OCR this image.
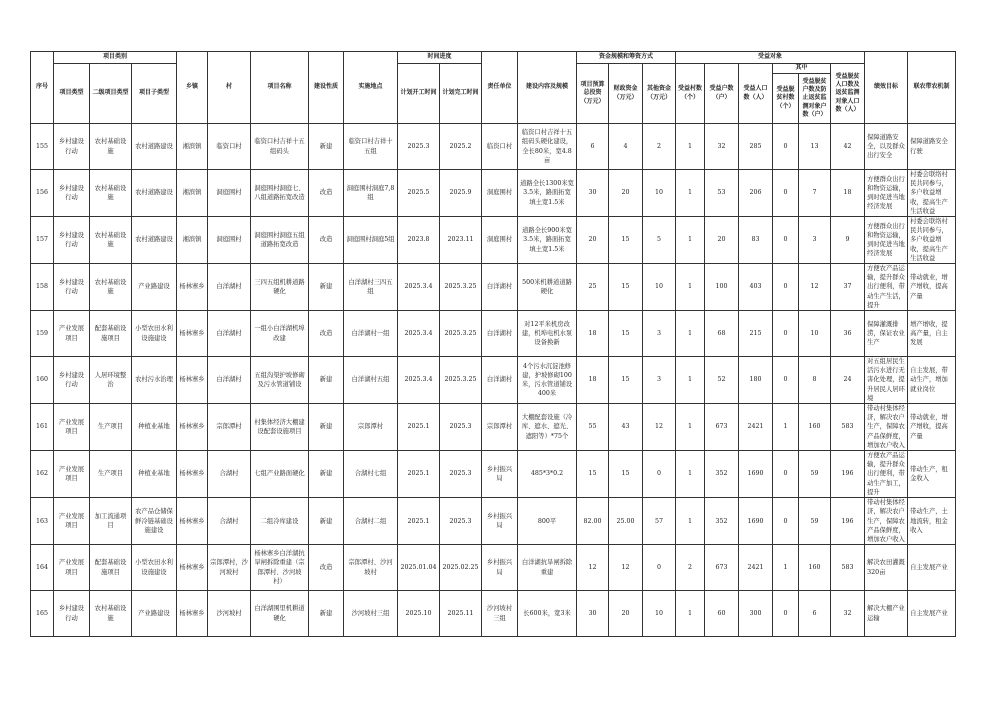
序号	项目类别			乡镇	村	项目名称	建设性质	实施地点	时间进度		责任单位	建设内容及规模	资金规模和筹资方式			受益对象						绩效目标	联农带农机制
	项目类型	二级项目类型	项目子类型						计划开工时间	计划完工时间			项目预算总投资（万元）	财政资金（万元）	其他资金（万元）	受益村数（个）	受益户数（户）	受益人口数（人）	其中		受益脱贫人口数及返贫监测对象人口数（人）		
																			受益脱贫村数（个）	受益脱贫户数及防止返贫监测对象户数（户）			
155	乡村建设行动	农村基础设施	农村道路建设	湘滨镇	临资口村	临资口村吉祥十五组码头	新建	临资口村吉祥十五组	2025.3	2025.2	临资口村	临资口村吉祥十五组码头硬化建设，全长80米，宽4.8亩	6	4	2	1	32	285	0	13	42	保障道路安全，以及群众出行安全	保障道路安全行驶
156	乡村建设行动	农村基础设施	农村道路建设	湘滨镇	洞庭围村	洞庭围村洞庭七、八组道路拓宽改造	改造	洞庭围村洞庭7,8组	2025.5	2025.9	洞庭围村	道路全长1300米宽3.5米，路面拓宽填土宽1.5米	30	20	10	1	53	206	0	7	18	方便群众出行和物资运输，到时促进当地经济发展	村委会联络村民共同参与，多户收益增收，提高生产生活收益
157	乡村建设行动	农村基础设施	农村道路建设	湘滨镇	洞庭围村	洞庭围村洞庭五组道路拓宽改造	改造	洞庭围村洞庭5组	2023.8	2023.11	洞庭围村	道路全长900米宽3.5米，路面拓宽填土宽1.5米	20	15	5	1	20	83	0	3	9	方便群众出行和物资运输，到时促进当地经济发展	村委会联络村民共同参与，多户收益增收，提高生产生活收益
158	乡村建设行动	农村基础设施	产业路建设	杨林寨乡	白洋湖村	三四五组机耕道路硬化	新建	白洋湖村三四五组	2025.3.4	2025.3.25	白洋湖村	500米机耕道道路硬化	25	15	10	1	100	403	0	12	37	方便农产品运输，提升群众出行便利，带动生产生活，提升	带动就业，增产增收，提高产量
159	产业发展项目	配套基础设施项目	小型农田水利设施建设	杨林寨乡	白洋湖村	一组小白洋湖机埠改建	改造	白洋湖村一组	2025.3.4	2025.3.25	白洋湖村	对12平米机房改建，机埠电机水泵设备换新	18	15	3	1	68	215	0	10	36	保障灌溉排涝，保证农业生产	增产增收，提高产量，自主发展
160	乡村建设行动	人居环境整治	农村污水治理	杨林寨乡	白洋湖村	五组沟渠护坡修砌及污水管道铺设	新建	白洋湖村五组	2025.3.4	2025.3.25	白洋湖村	4个污水沉淀池修建，护坡修砌100米，污水管道铺设400米	18	15	3	1	52	180	0	8	24	对五组居民生活污水进行无害化处理，提升居民人居环境	自主发展，带动生产，增加就业岗位
161	产业发展项目	生产项目	种植业基地	杨林寨乡	宗郎潭村	村集体经济大棚建设配套设施项目	新建	宗郎潭村	2025.1	2025.3	宗郎潭村	大棚配套设施（冷库、遮水、遮光、遮阳等）*75个	55	43	12	1	673	2421	1	160	583	带动村集体经济，解决农户生产，保障农产品保鲜度，增加农户收入	带动就业，增产增收，提高产量
162	产业发展项目	生产项目	种植业基地	杨林寨乡	合湖村	七组产业路面硬化	新建	合湖村七组	2025.1	2025.3	乡村振兴局	485*3*0.2	15	15	0	1	352	1690	0	59	196	方便农产品运输，提升群众出行便利，带动生产加工，提升	带动生产，租金收入
163	产业发展项目	加工流通项目	农产品仓储保鲜冷链基础设施建设	杨林寨乡	合湖村	二组冷库建设	新建	合湖村二组	2025.1	2025.3	乡村振兴局	800平	82.00	25.00	57	1	352	1690	0	59	196	带动村集体经济，解决农户生产，保障农产品保鲜度，增加农户收入	带动生产，土地流转，租金收入
164	产业发展项目	配套基础设施项目	小型农田水利设施建设	杨林寨乡	宗郎潭村，沙河坡村	杨林寨乡白洋湖抗旱闸拆除重建（宗郎潭村、沙河坡村）	改造	宗郎潭村、沙河坡村	2025.01.04	2025.02.25	乡村振兴局	白洋湖抗旱闸拆除重建	12	12	0	2	673	2421	1	160	583	解决农田灌溉320亩	自主发展产业
165	乡村建设行动	农村基础设施	产业路建设	杨林寨乡	沙河坡村	白洋湖围里机耕道硬化	新建	沙河坡村三组	2025.10	2025.11	沙河坡村三组	长600米，宽3米	30	20	10	1	60	300	0	6	32	解决大棚产业运输	自主发展产业
